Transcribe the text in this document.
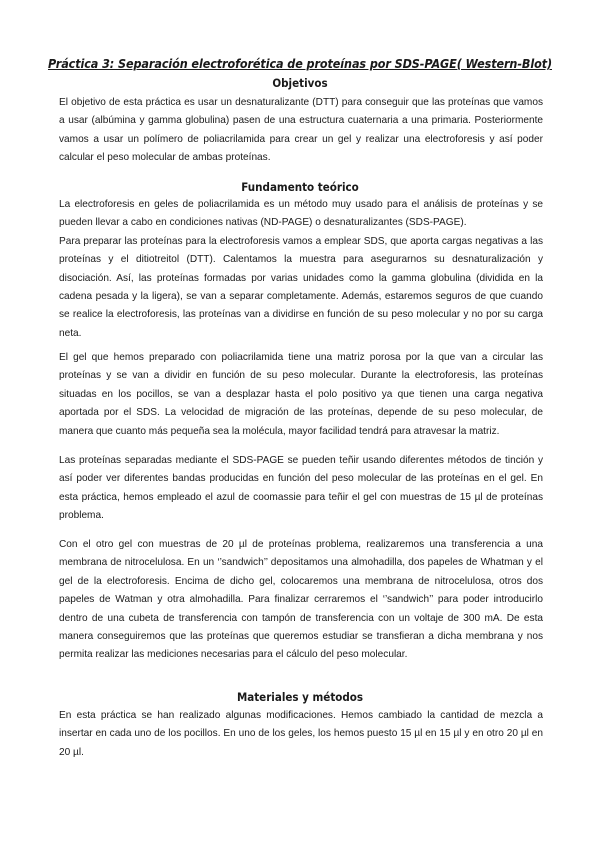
Práctica 3: Separación electroforética de proteínas por SDS-PAGE( Western-Blot)
Objetivos

El objetivo de esta práctica es usar un desnaturalizante (DTT) para conseguir que las proteínas que vamos a usar (albúmina y gamma globulina) pasen de una estructura cuaternaria a una primaria. Posteriormente vamos a usar un polímero de poliacrilamida para crear un gel y realizar una electroforesis y así poder calcular el peso molecular de ambas proteínas.

Fundamento teórico

La electroforesis en geles de poliacrilamida es un método muy usado para el análisis de proteínas y se pueden llevar a cabo en condiciones nativas (ND-PAGE) o desnaturalizantes (SDS-PAGE).

Para preparar las proteínas para la electroforesis vamos a emplear SDS, que aporta cargas negativas a las proteínas y el ditiotreitol (DTT). Calentamos la muestra para asegurarnos su desnaturalización y disociación. Así, las proteínas formadas por varias unidades como la gamma globulina (dividida en la cadena pesada y la ligera), se van a separar completamente. Además, estaremos seguros de que cuando se realice la electroforesis, las proteínas van a dividirse en función de su peso molecular y no por su carga neta.

El gel que hemos preparado con poliacrilamida tiene una matriz porosa por la que van a circular las proteínas y se van a dividir en función de su peso molecular. Durante la electroforesis, las proteínas situadas en los pocillos, se van a desplazar hasta el polo positivo ya que tienen una carga negativa aportada por el SDS. La velocidad de migración de las proteínas, depende de su peso molecular, de manera que cuanto más pequeña sea la molécula, mayor facilidad tendrá para atravesar la matriz.

Las proteínas separadas mediante el SDS-PAGE se pueden teñir usando diferentes métodos de tinción y así poder ver diferentes bandas producidas en función del peso molecular de las proteínas en el gel. En esta práctica, hemos empleado el azul de coomassie para teñir el gel con muestras de 15 µl de proteínas problema.

Con el otro gel con muestras de 20 µl de proteínas problema, realizaremos una transferencia a una membrana de nitrocelulosa. En un ‘’sandwich’’ depositamos una almohadilla, dos papeles de Whatman y el gel de la electroforesis. Encima de dicho gel, colocaremos una membrana de nitrocelulosa, otros dos papeles de Watman y otra almohadilla. Para finalizar cerraremos el ‘’sandwich’’ para poder introducirlo dentro de una cubeta de transferencia con tampón de transferencia con un voltaje de 300 mA. De esta manera conseguiremos que las proteínas que queremos estudiar se transfieran a dicha membrana y nos permita realizar las mediciones necesarias para el cálculo del peso molecular.

Materiales y métodos

En esta práctica se han realizado algunas modificaciones. Hemos cambiado la cantidad de mezcla a insertar en cada uno de los pocillos. En uno de los geles, los hemos puesto 15 µl en 15 µl y en otro 20 µl en 20 µl.
